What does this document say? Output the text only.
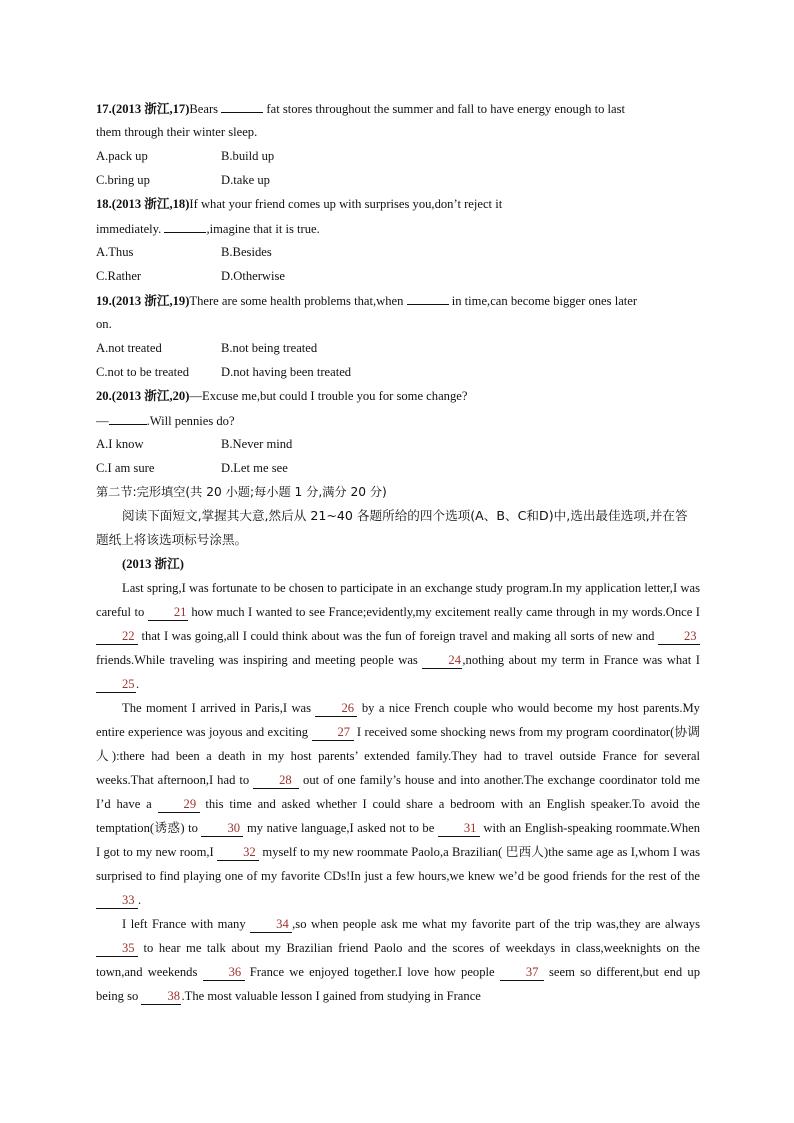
17.(2013 浙江,17)Bears	fat stores throughout the summer and fall to have energy enough to last
them through their winter sleep.
A.pack up	B.build up
C.bring up	D.take up
18.(2013 浙江,18)If what your friend comes up with surprises you,don’t reject it
immediately.	,imagine that it is true.
A.Thus	B.Besides
C.Rather	D.Otherwise
19.(2013 浙江,19)There are some health problems that,when	in time,can become bigger ones later
on.
A.not treated	B.not being treated
C.not to be treated	D.not having been treated
20.(2013 浙江,20)—Excuse me,but could I trouble you for some change?
—	.Will pennies do?
A.I know	B.Never mind
C.I am sure	D.Let me see
第二节:完形填空(共 20 小题;每小题 1 分,满分 20 分)
阅读下面短文,掌握其大意,然后从 21~40 各题所给的四个选项(A、B、C和D)中,选出最佳选项,并在答题纸上将该选项标号涂黑。
(2013 浙江)
Last spring,I was fortunate to be chosen to participate in an exchange study program.In my application letter,I was careful to 21 how much I wanted to see France;evidently,my excitement really came through in my words.Once I 22 that I was going,all I could think about was the fun of foreign travel and making all sorts of new and 23 friends.While traveling was inspiring and meeting people was 24,nothing about my term in France was what I 25.
The moment I arrived in Paris,I was 26 by a nice French couple who would become my host parents.My entire experience was joyous and exciting 27 I received some shocking news from my program coordinator(协调人):there had been a death in my host parents’ extended family.They had to travel outside France for several weeks.That afternoon,I had to 28 out of one family’s house and into another.The exchange coordinator told me I’d have a	29 this time and asked whether I could share a bedroom with an English speaker.To avoid the temptation(诱惑) to 30 my native language,I asked not to be 31 with an English-speaking roommate.When I got to my new room,I 32 myself to my new roommate Paolo,a Brazilian( 巴西人)the same age as I,whom I was surprised to find playing one of my favorite CDs!In just a few hours,we knew we’d be good friends for the rest of the 33 .
I left France with many 34 ,so when people ask me what my favorite part of the trip was,they are always 35 to hear me talk about my Brazilian friend Paolo and the scores of weekdays in class,weeknights on the town,and weekends 36 France we enjoyed together.I love how people 37 seem so different,but end up being so 38.The most valuable lesson I gained from studying in France
